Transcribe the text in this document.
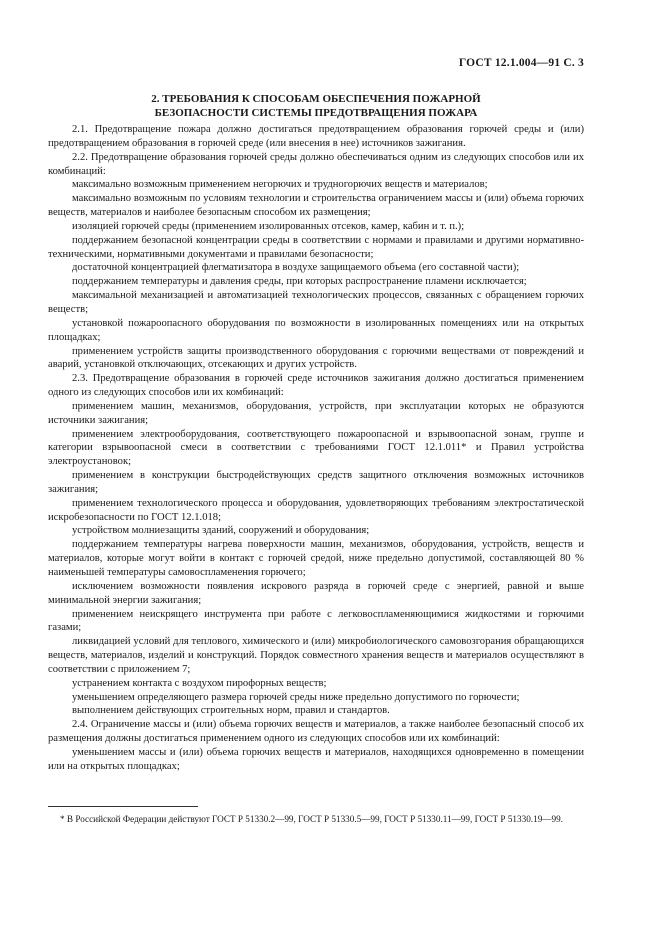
ГОСТ 12.1.004—91 С. 3
2. ТРЕБОВАНИЯ К СПОСОБАМ ОБЕСПЕЧЕНИЯ ПОЖАРНОЙ
БЕЗОПАСНОСТИ СИСТЕМЫ ПРЕДОТВРАЩЕНИЯ ПОЖАРА

2.1. Предотвращение пожара должно достигаться предотвращением образования горючей среды и (или) предотвращением образования в горючей среде (или внесения в нее) источников зажигания.

2.2. Предотвращение образования горючей среды должно обеспечиваться одним из следующих способов или их комбинаций:

максимально возможным применением негорючих и трудногорючих веществ и материалов;

максимально возможным по условиям технологии и строительства ограничением массы и (или) объема горючих веществ, материалов и наиболее безопасным способом их размещения;

изоляцией горючей среды (применением изолированных отсеков, камер, кабин и т. п.);

поддержанием безопасной концентрации среды в соответствии с нормами и правилами и другими нормативно-техническими, нормативными документами и правилами безопасности;

достаточной концентрацией флегматизатора в воздухе защищаемого объема (его составной части);

поддержанием температуры и давления среды, при которых распространение пламени исключается;

максимальной механизацией и автоматизацией технологических процессов, связанных с обращением горючих веществ;

установкой пожароопасного оборудования по возможности в изолированных помещениях или на открытых площадках;

применением устройств защиты производственного оборудования с горючими веществами от повреждений и аварий, установкой отключающих, отсекающих и других устройств.

2.3. Предотвращение образования в горючей среде источников зажигания должно достигаться применением одного из следующих способов или их комбинаций:

применением машин, механизмов, оборудования, устройств, при эксплуатации которых не образуются источники зажигания;

применением электрооборудования, соответствующего пожароопасной и взрывоопасной зонам, группе и категории взрывоопасной смеси в соответствии с требованиями ГОСТ 12.1.011* и Правил устройства электроустановок;

применением в конструкции быстродействующих средств защитного отключения возможных источников зажигания;

применением технологического процесса и оборудования, удовлетворяющих требованиям электростатической искробезопасности по ГОСТ 12.1.018;

устройством молниезащиты зданий, сооружений и оборудования;

поддержанием температуры нагрева поверхности машин, механизмов, оборудования, устройств, веществ и материалов, которые могут войти в контакт с горючей средой, ниже предельно допустимой, составляющей 80 % наименьшей температуры самовоспламенения горючего;

исключением возможности появления искрового разряда в горючей среде с энергией, равной и выше минимальной энергии зажигания;

применением неискрящего инструмента при работе с легковоспламеняющимися жидкостями и горючими газами;

ликвидацией условий для теплового, химического и (или) микробиологического самовозгорания обращающихся веществ, материалов, изделий и конструкций. Порядок совместного хранения веществ и материалов осуществляют в соответствии с приложением 7;

устранением контакта с воздухом пирофорных веществ;

уменьшением определяющего размера горючей среды ниже предельно допустимого по горючести;

выполнением действующих строительных норм, правил и стандартов.

2.4. Ограничение массы и (или) объема горючих веществ и материалов, а также наиболее безопасный способ их размещения должны достигаться применением одного из следующих способов или их комбинаций:

уменьшением массы и (или) объема горючих веществ и материалов, находящихся одновременно в помещении или на открытых площадках;

* В Российской Федерации действуют ГОСТ Р 51330.2—99, ГОСТ Р 51330.5—99, ГОСТ Р 51330.11—99, ГОСТ Р 51330.19—99.
